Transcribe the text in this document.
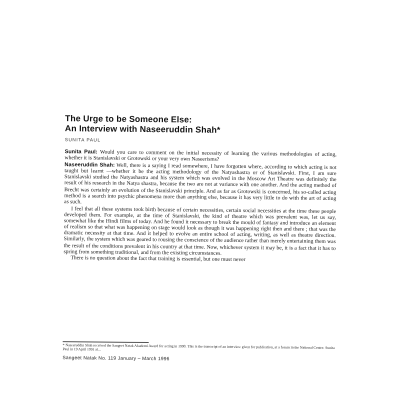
The Urge to be Someone Else:
An Interview with Naseeruddin Shah*
SUNITA PAUL

Sunita Paul: Would you care to comment on the initial necessity of learning the various methodologies of acting, whether it is Stanislavski or Grotowski or your very own Naseerisms?

Naseeruddin Shah: Well, there is a saying I read somewhere, I have forgotten where, according to which acting is not taught but learnt —whether it be the acting methodology of the Natyashastra or of Stanislavski. First, I am sure Stanislavski studied the Natyashastra and his system which was evolved in the Moscow Art Theatre was definitely the result of his research in the Natya shastra, because the two are not at variance with one another. And the acting method of Brecht was certainly an evolution of the Stanislavski principle. And as far as Grotowski is concerned, his so-called acting method is a search into psychic phenomena more than anything else, because it has very little to do with the art of acting as such.

I feel that all these systems took birth because of certain necessities, certain social necessities at the time these people developed them. For example, at the time of Stanislavski, the kind of theatre which was prevalent was, let us say, somewhat like the Hindi films of today. And he found it necessary to break the mould of fantasy and introduce an element of realism so that what was happening on stage would look as though it was happening right then and there ; that was the dramatic necessity at that time. And it helped to evolve an entire school of acting, writing, as well as theatre direction. Similarly, the system which was geared to rousing the conscience of the audience rather than merely entertaining them was the result of the conditions prevalent in his country at that time. Now, whichever system it may be, it is a fact that it has to spring from something traditional, and from the existing circumstances.

There is no question about the fact that training is essential, but one must never

* Naseeruddin Shah received the Sangeet Natak Akademi Award for acting in 1990. This is the transcript of an interview given for publication, at a forum in the National Centre. Sunita Paul in 19 April 1991 at...
Sangeet Natak No. 119 January – March 1996
